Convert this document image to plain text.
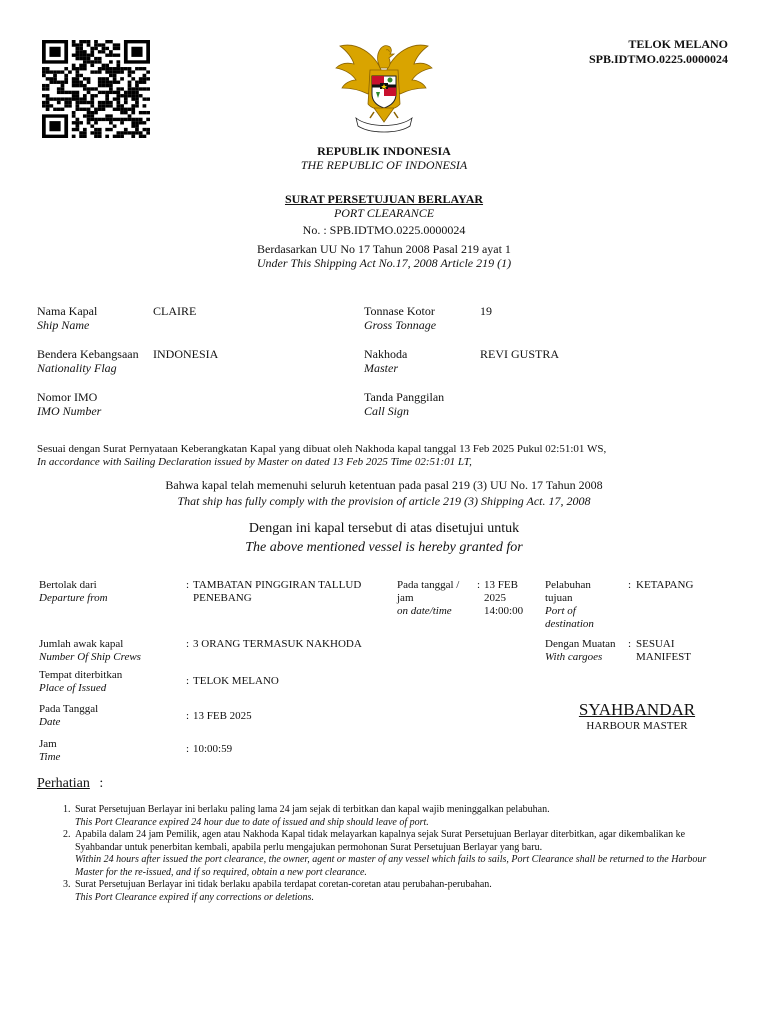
TELOK MELANO
SPB.IDTMO.0225.0000024
REPUBLIK INDONESIA
THE REPUBLIC OF INDONESIA
SURAT PERSETUJUAN BERLAYAR
PORT CLEARANCE
No. : SPB.IDTMO.0225.0000024
Berdasarkan UU No 17 Tahun 2008 Pasal 219 ayat 1
Under This Shipping Act No.17, 2008 Article 219 (1)
Nama Kapal
Ship Name
CLAIRE
Bendera Kebangsaan
Nationality Flag
INDONESIA
Nomor IMO
IMO Number
Tonnase Kotor
Gross Tonnage
19
Nakhoda
Master
REVI GUSTRA
Tanda Panggilan
Call Sign
Sesuai dengan Surat Pernyataan Keberangkatan Kapal yang dibuat oleh Nakhoda kapal tanggal 13 Feb 2025 Pukul 02:51:01 WS,
In accordance with Sailing Declaration issued by Master on dated 13 Feb 2025 Time 02:51:01 LT,
Bahwa kapal telah memenuhi seluruh ketentuan pada pasal 219 (3) UU No. 17 Tahun 2008
That ship has fully comply with the provision of article 219 (3) Shipping Act. 17, 2008
Dengan ini kapal tersebut di atas disetujui untuk
The above mentioned vessel is hereby granted for
Bertolak dari
Departure from
: TAMBATAN PINGGIRAN TALLUD
PENEBANG
Pada tanggal /
jam
on date/time
: 13 FEB
2025
14:00:00
Pelabuhan
tujuan
Port of
destination
: KETAPANG
Jumlah awak kapal
Number Of Ship Crews
: 3 ORANG TERMASUK NAKHODA	Dengan Muatan
With cargoes
: SESUAI
MANIFEST
Tempat diterbitkan
Place of Issued
: TELOK MELANO
Pada Tanggal
Date	: 13 FEB 2025
Jam
Time
: 10:00:59
SYAHBANDAR
HARBOUR MASTER
Perhatian :
1. Surat Persetujuan Berlayar ini berlaku paling lama 24 jam sejak di terbitkan dan kapal wajib meninggalkan pelabuhan.
This Port Clearance expired 24 hour due to date of issued and ship should leave of port.
2. Apabila dalam 24 jam Pemilik, agen atau Nakhoda Kapal tidak melayarkan kapalnya sejak Surat Persetujuan Berlayar diterbitkan, agar dikembalikan ke Syahbandar untuk penerbitan kembali, apabila perlu mengajukan permohonan Surat Persetujuan Berlayar yang baru.
Within 24 hours after issued the port clearance, the owner, agent or master of any vessel which fails to sails, Port Clearance shall be returned to the Harbour Master for the re-issued, and if so required, obtain a new port clearance.
3. Surat Persetujuan Berlayar ini tidak berlaku apabila terdapat coretan-coretan atau perubahan-perubahan.
This Port Clearance expired if any corrections or deletions.
